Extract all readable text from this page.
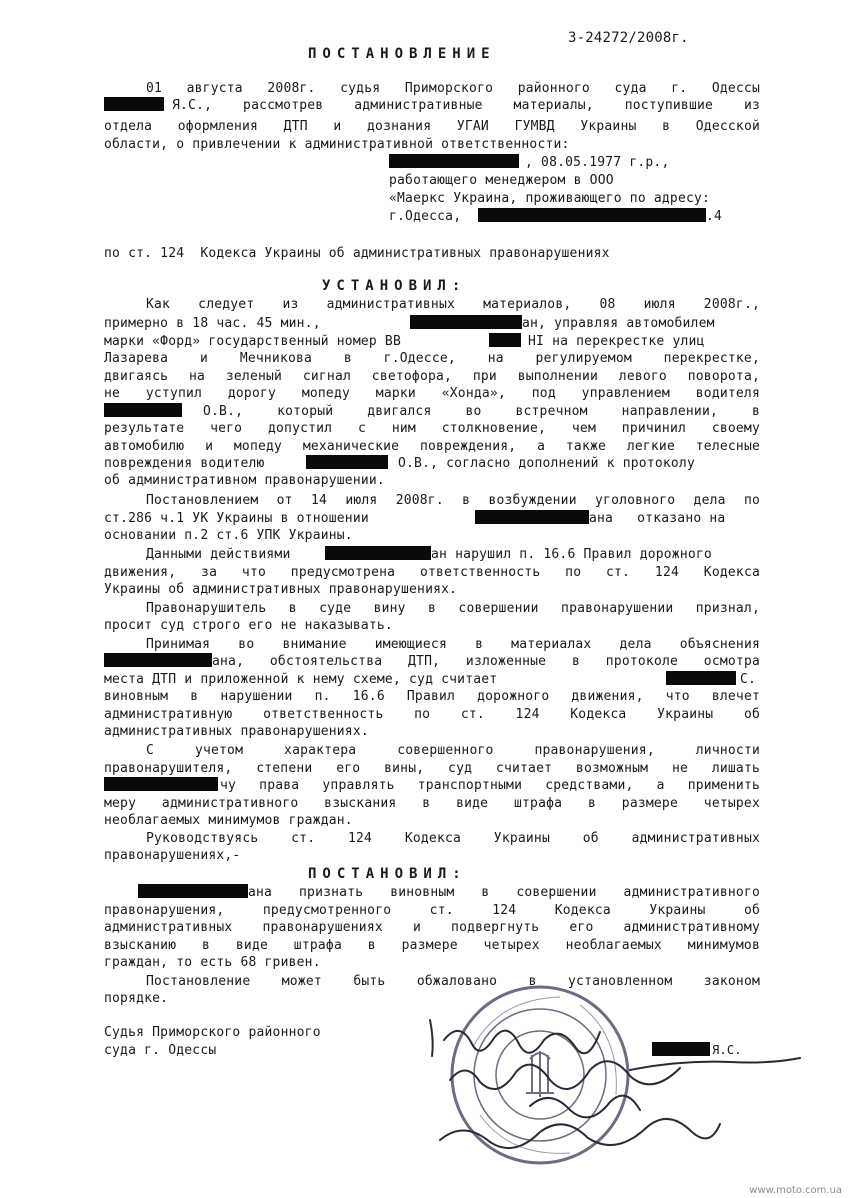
3-24272/2008г.
ПОСТАНОВЛЕНИЕ
01 августа 2008г. судья Приморского районного суда г. Одессы
Я.С., рассмотрев административные материалы, поступившие из
отдела оформления ДТП и дознания УГАИ ГУМВД Украины в Одесской
области, о привлечении к административной ответственности:
, 08.05.1977 г.р.,
работающего менеджером в ООО
«Маеркс Украина, проживающего по адресу:
г.Одесса,	.4
по ст. 124  Кодекса Украины об административных правонарушениях
УСТАНОВИЛ:
Как следует из административных материалов, 08 июля 2008г.,
примерно в 18 час. 45 мин.,	ан, управляя автомобилем
марки «Форд» государственный номер ВВ	HI на перекрестке улиц
Лазарева и Мечникова в г.Одессе, на регулируемом перекрестке,
двигаясь на зеленый сигнал светофора, при выполнении левого поворота,
не уступил дорогу мопеду марки «Хонда», под управлением водителя
О.В., который двигался во встречном направлении, в
результате чего допустил с ним столкновение, чем причинил своему
автомобилю и мопеду механические повреждения, а также легкие телесные
повреждения водителю	О.В., согласно дополнений к протоколу
об административном правонарушении.
Постановлением от 14 июля 2008г. в возбуждении уголовного дела по
ст.286 ч.1 УК Украины в отношении	ана   отказано на
основании п.2 ст.6 УПК Украины.
Данными действиями	ан нарушил п. 16.6 Правил дорожного
движения, за что предусмотрена ответственность по ст. 124 Кодекса
Украины об административных правонарушениях.
Правонарушитель в суде вину в совершении правонарушении признал,
просит суд строго его не наказывать.
Принимая во внимание имеющиеся в материалах дела объяснения
ана, обстоятельства ДТП, изложенные в протоколе осмотра
места ДТП и приложенной к нему схеме, суд считает	С.
виновным в нарушении п. 16.6 Правил дорожного движения, что влечет
административную ответственность по ст. 124 Кодекса Украины об
административных правонарушениях.
С учетом характера совершенного правонарушения, личности
правонарушителя, степени его вины, суд считает возможным не лишать
чу права управлять транспортными средствами, а применить
меру административного взыскания в виде штрафа в размере четырех
необлагаемых минимумов граждан.
Руководствуясь ст. 124 Кодекса Украины об административных
правонарушениях,-
ПОСТАНОВИЛ:
ана признать виновным в совершении административного
правонарушения, предусмотренного ст. 124 Кодекса Украины об
административных правонарушениях и подвергнуть его административному
взысканию в виде штрафа в размере четырех необлагаемых минимумов
граждан, то есть 68 гривен.
Постановление может быть обжаловано в установленном законом
порядке.
Судья Приморского районного
суда г. Одессы	Я.С.
www.moto.com.ua
